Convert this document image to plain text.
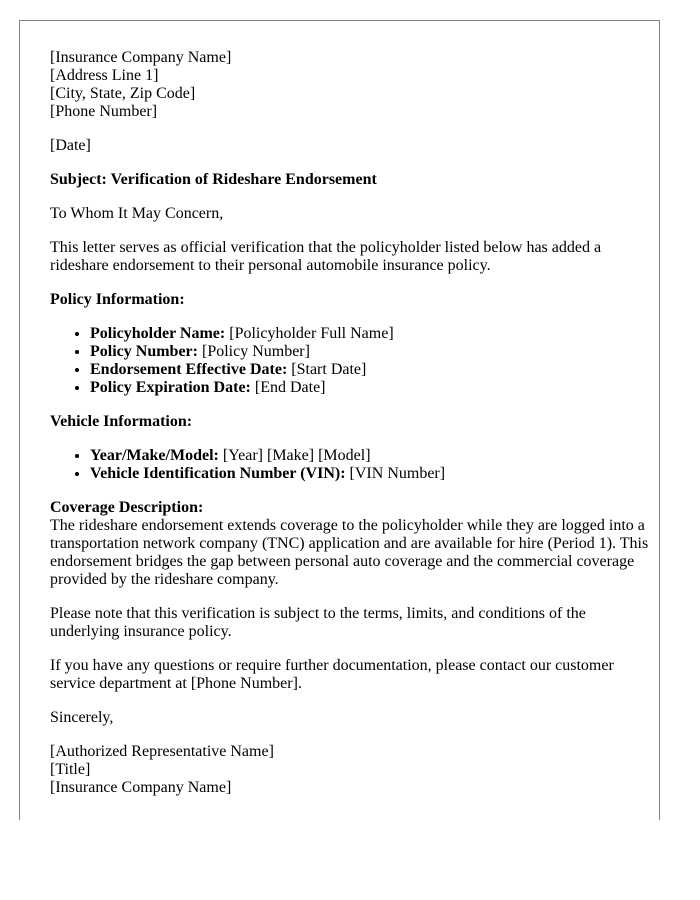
[Insurance Company Name]
[Address Line 1]
[City, State, Zip Code]
[Phone Number]

[Date]

Subject: Verification of Rideshare Endorsement

To Whom It May Concern,

This letter serves as official verification that the policyholder listed below has added a rideshare endorsement to their personal automobile insurance policy.

Policy Information:

• Policyholder Name: [Policyholder Full Name]
• Policy Number: [Policy Number]
• Endorsement Effective Date: [Start Date]
• Policy Expiration Date: [End Date]

Vehicle Information:

• Year/Make/Model: [Year] [Make] [Model]
• Vehicle Identification Number (VIN): [VIN Number]

Coverage Description:
The rideshare endorsement extends coverage to the policyholder while they are logged into a transportation network company (TNC) application and are available for hire (Period 1). This endorsement bridges the gap between personal auto coverage and the commercial coverage provided by the rideshare company.

Please note that this verification is subject to the terms, limits, and conditions of the underlying insurance policy.

If you have any questions or require further documentation, please contact our customer service department at [Phone Number].

Sincerely,

[Authorized Representative Name]
[Title]
[Insurance Company Name]
